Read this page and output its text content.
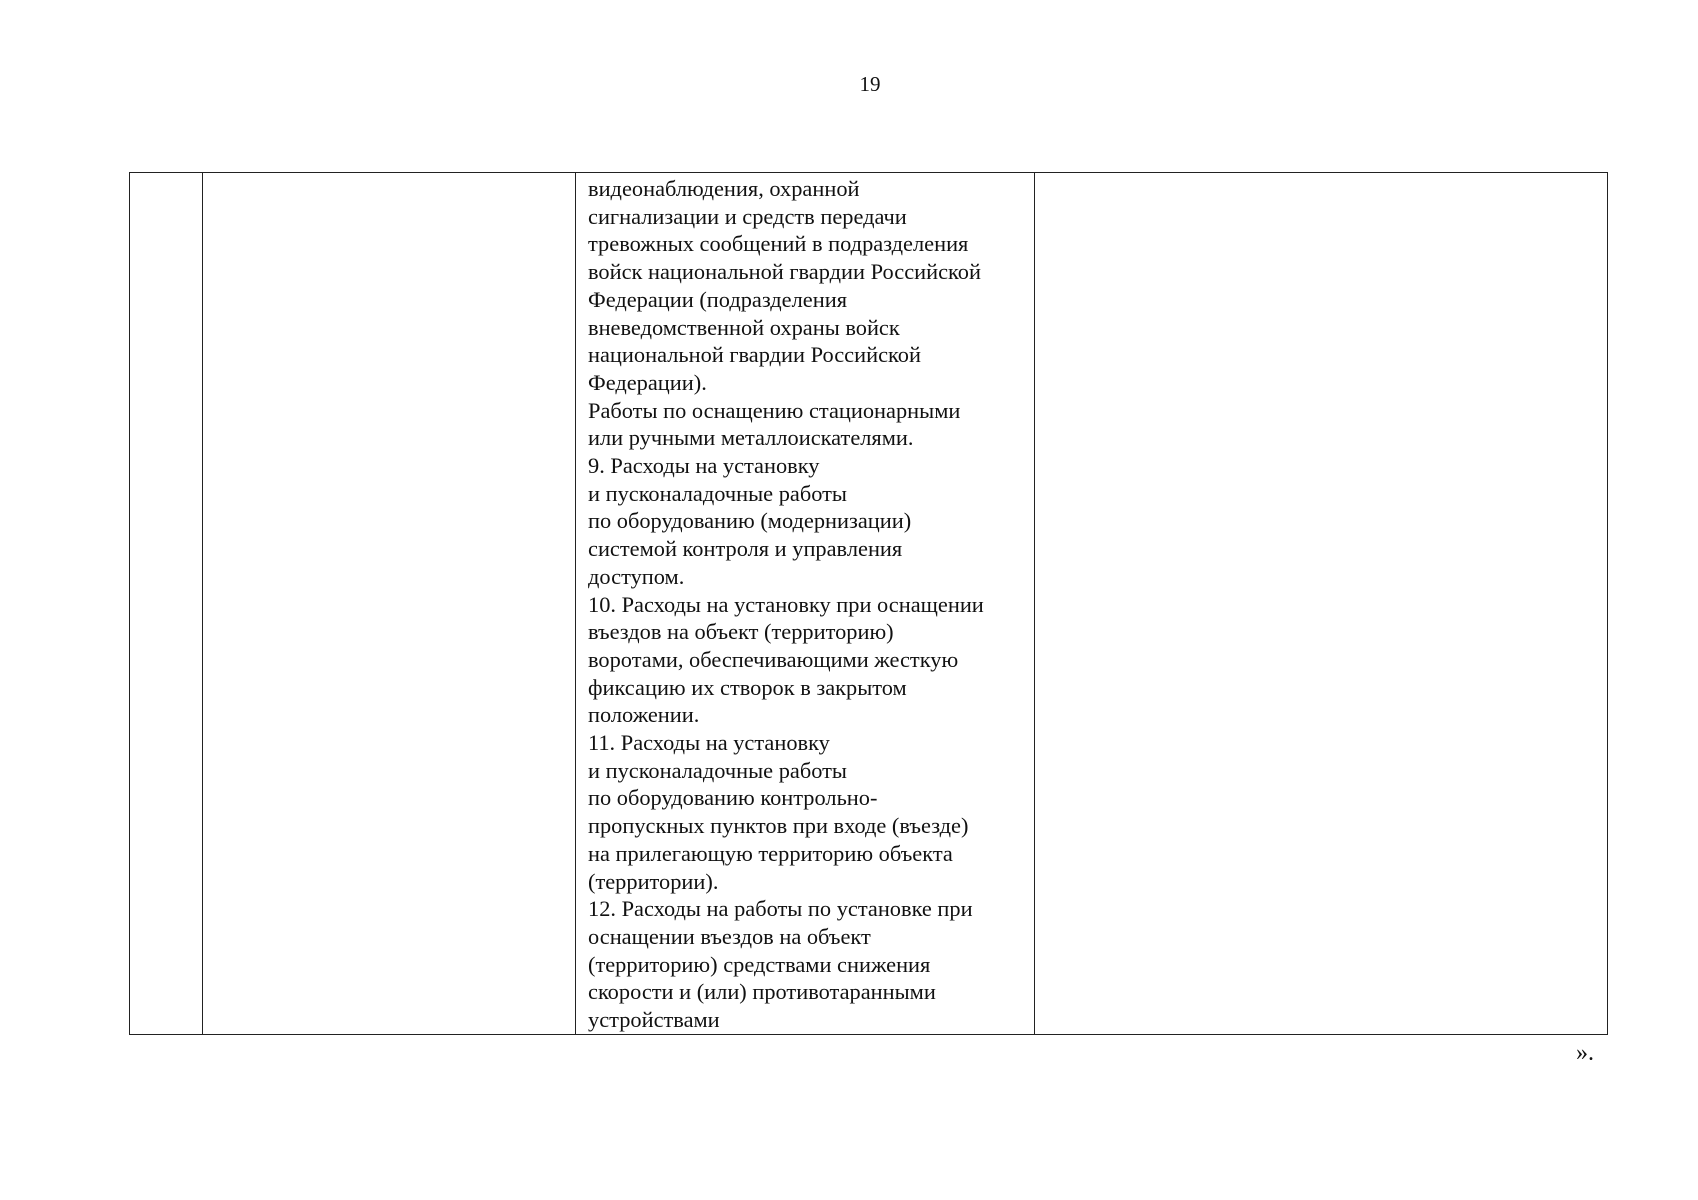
19

видеонаблюдения, охранной
сигнализации и средств передачи
тревожных сообщений в подразделения
войск национальной гвардии Российской
Федерации (подразделения
вневедомственной охраны войск
национальной гвардии Российской
Федерации).
Работы по оснащению стационарными
или ручными металлоискателями.
9. Расходы на установку
и пусконаладочные работы
по оборудованию (модернизации)
системой контроля и управления
доступом.
10. Расходы на установку при оснащении
въездов на объект (территорию)
воротами, обеспечивающими жесткую
фиксацию их створок в закрытом
положении.
11. Расходы на установку
и пусконаладочные работы
по оборудованию контрольно-
пропускных пунктов при входе (въезде)
на прилегающую территорию объекта
(территории).
12. Расходы на работы по установке при
оснащении въездов на объект
(территорию) средствами снижения
скорости и (или) противотаранными
устройствами

».
